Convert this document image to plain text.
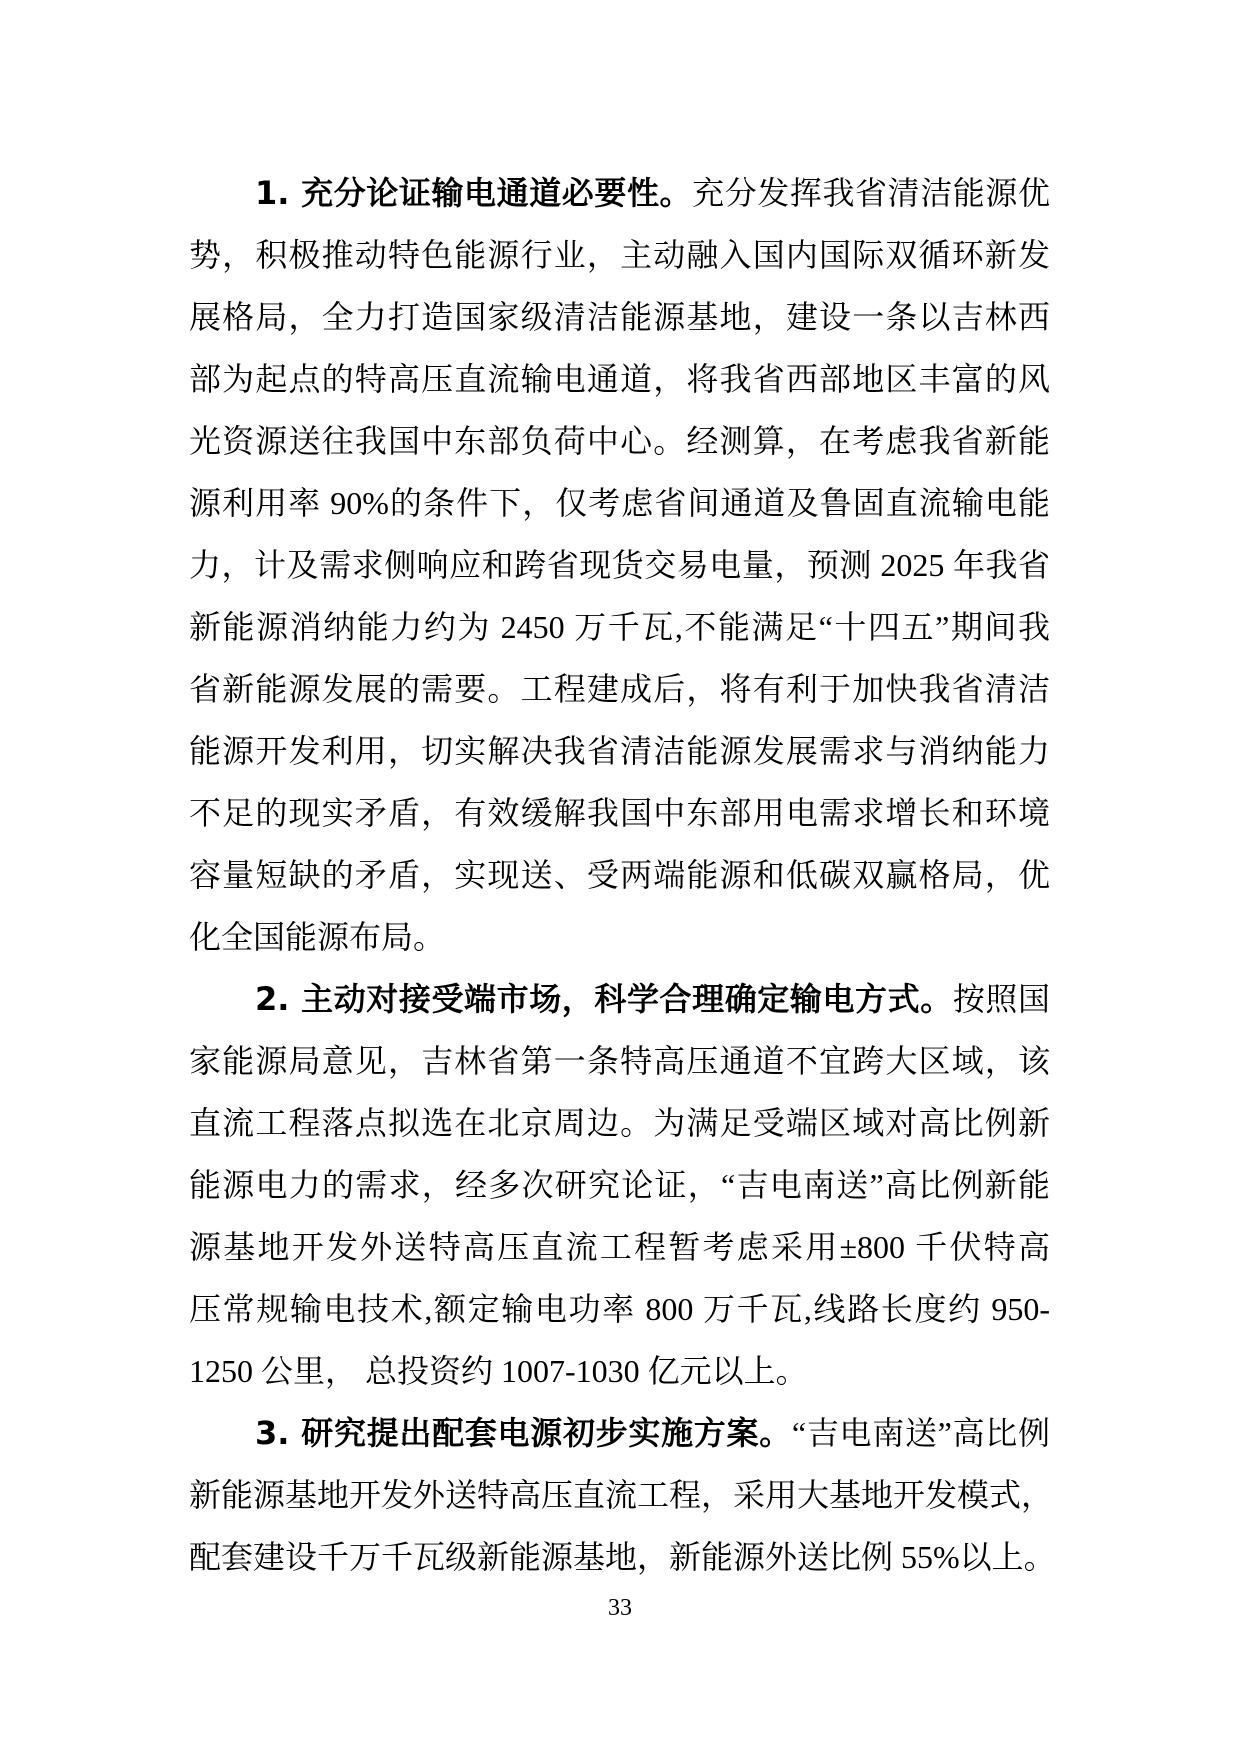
1. 充分论证输电通道必要性。充分发挥我省清洁能源优
势，积极推动特色能源行业，主动融入国内国际双循环新发
展格局，全力打造国家级清洁能源基地，建设一条以吉林西
部为起点的特高压直流输电通道，将我省西部地区丰富的风
光资源送往我国中东部负荷中心。经测算，在考虑我省新能
源利用率 90%的条件下，仅考虑省间通道及鲁固直流输电能
力，计及需求侧响应和跨省现货交易电量，预测 2025 年我省
新能源消纳能力约为 2450 万千瓦,不能满足“十四五”期间我
省新能源发展的需要。工程建成后，将有利于加快我省清洁
能源开发利用，切实解决我省清洁能源发展需求与消纳能力
不足的现实矛盾，有效缓解我国中东部用电需求增长和环境
容量短缺的矛盾，实现送、受两端能源和低碳双赢格局，优
化全国能源布局。
2. 主动对接受端市场，科学合理确定输电方式。按照国
家能源局意见，吉林省第一条特高压通道不宜跨大区域，该
直流工程落点拟选在北京周边。为满足受端区域对高比例新
能源电力的需求，经多次研究论证，“吉电南送”高比例新能
源基地开发外送特高压直流工程暂考虑采用±800 千伏特高
压常规输电技术,额定输电功率 800 万千瓦,线路长度约 950-
1250 公里， 总投资约 1007-1030 亿元以上。
3. 研究提出配套电源初步实施方案。“吉电南送”高比例
新能源基地开发外送特高压直流工程，采用大基地开发模式，
配套建设千万千瓦级新能源基地，新能源外送比例 55%以上。
33
